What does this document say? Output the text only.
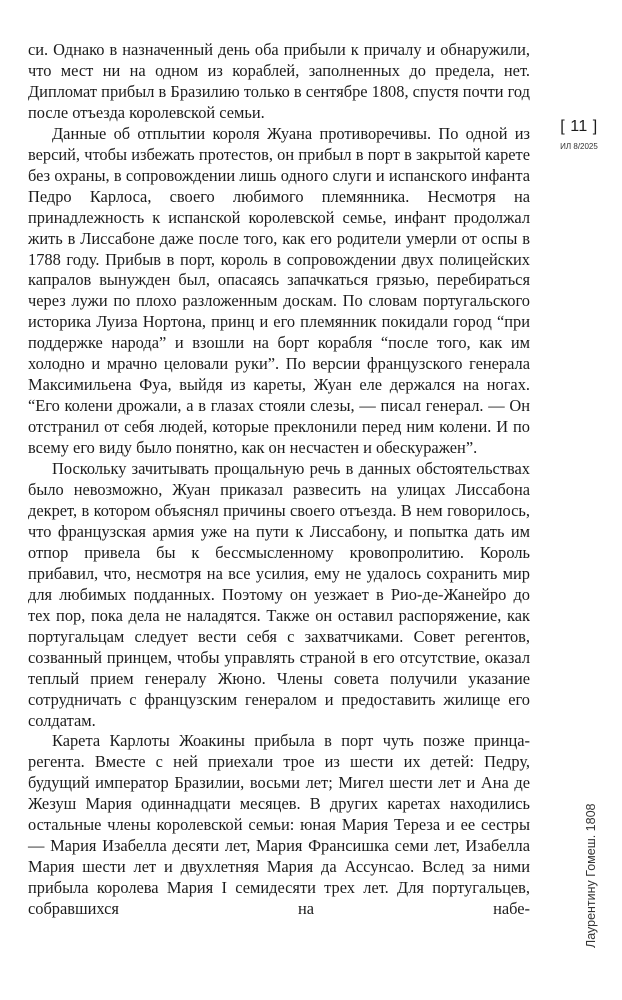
си. Однако в назначенный день оба прибыли к причалу и обнаружили, что мест ни на одном из кораблей, заполненных до предела, нет. Дипломат прибыл в Бразилию только в сентябре 1808, спустя почти год после отъезда королевской семьи.

Данные об отплытии короля Жуана противоречивы. По одной из версий, чтобы избежать протестов, он прибыл в порт в закрытой карете без охраны, в сопровождении лишь одного слуги и испанского инфанта Педро Карлоса, своего любимого племянника. Несмотря на принадлежность к испанской королевской семье, инфант продолжал жить в Лиссабоне даже после того, как его родители умерли от оспы в 1788 году. Прибыв в порт, король в сопровождении двух полицейских капралов вынужден был, опасаясь запачкаться грязью, перебираться через лужи по плохо разложенным доскам. По словам португальского историка Луиза Нортона, принц и его племянник покидали город “при поддержке народа” и взошли на борт корабля “после того, как им холодно и мрачно целовали руки”. По версии французского генерала Максимильена Фуа, выйдя из кареты, Жуан еле держался на ногах. “Его колени дрожали, а в глазах стояли слезы, — писал генерал. — Он отстранил от себя людей, которые преклонили перед ним колени. И по всему его виду было понятно, как он несчастен и обескуражен”.

Поскольку зачитывать прощальную речь в данных обстоятельствах было невозможно, Жуан приказал развесить на улицах Лиссабона декрет, в котором объяснял причины своего отъезда. В нем говорилось, что французская армия уже на пути к Лиссабону, и попытка дать им отпор привела бы к бессмысленному кровопролитию. Король прибавил, что, несмотря на все усилия, ему не удалось сохранить мир для любимых подданных. Поэтому он уезжает в Рио-де-Жанейро до тех пор, пока дела не наладятся. Также он оставил распоряжение, как португальцам следует вести себя с захватчиками. Совет регентов, созванный принцем, чтобы управлять страной в его отсутствие, оказал теплый прием генералу Жюно. Члены совета получили указание сотрудничать с французским генералом и предоставить жилище его солдатам.

Карета Карлоты Жоакины прибыла в порт чуть позже принца-регента. Вместе с ней приехали трое из шести их детей: Педру, будущий император Бразилии, восьми лет; Мигел шести лет и Ана де Жезуш Мария одиннадцати месяцев. В других каретах находились остальные члены королевской семьи: юная Мария Тереза и ее сестры — Мария Изабелла десяти лет, Мария Франсишка семи лет, Изабелла Мария шести лет и двухлетняя Мария да Ассунсао. Вслед за ними прибыла королева Мария I семидесяти трех лет. Для португальцев, собравшихся на набе-

[ 11 ]
ИЛ 8/2025
Лаурентину Гомеш. 1808
